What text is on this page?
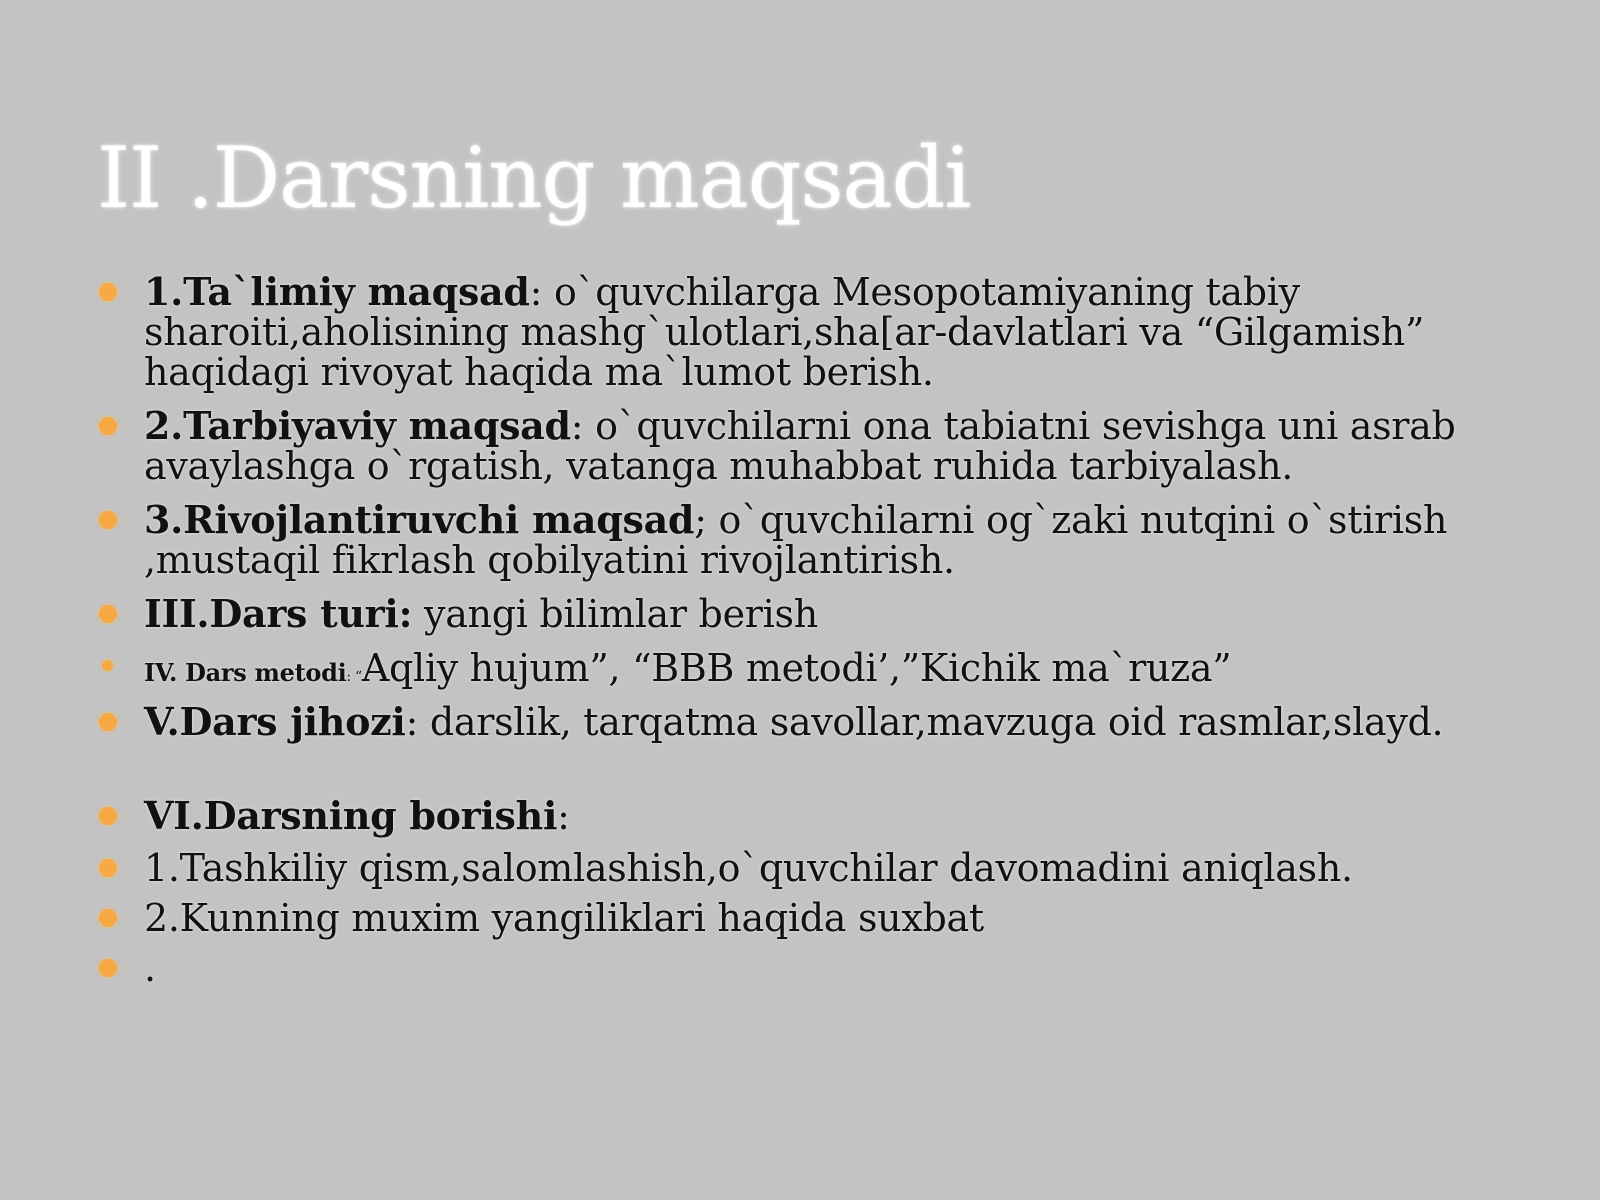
II .Darsning maqsadi
1.Ta`limiy maqsad: o`quvchilarga Mesopotamiyaning tabiy sharoiti,aholisining mashg`ulotlari,sha[ar-davlatlari va “Gilgamish” haqidagi rivoyat haqida ma`lumot berish.
2.Tarbiyaviy maqsad: o`quvchilarni ona tabiatni sevishga uni asrab avaylashga o`rgatish, vatanga muhabbat ruhida tarbiyalash.
3.Rivojlantiruvchi maqsad; o`quvchilarni og`zaki nutqini o`stirish ,mustaqil fikrlash qobilyatini rivojlantirish.
III.Dars turi: yangi bilimlar berish
IV. Dars metodi: “Aqliy hujum”, “BBB metodi’,”Kichik ma`ruza”
V.Dars jihozi: darslik, tarqatma savollar,mavzuga oid rasmlar,slayd.
VI.Darsning borishi:
1.Tashkiliy qism,salomlashish,o`quvchilar davomadini aniqlash.
2.Kunning muxim yangiliklari haqida suxbat
.
